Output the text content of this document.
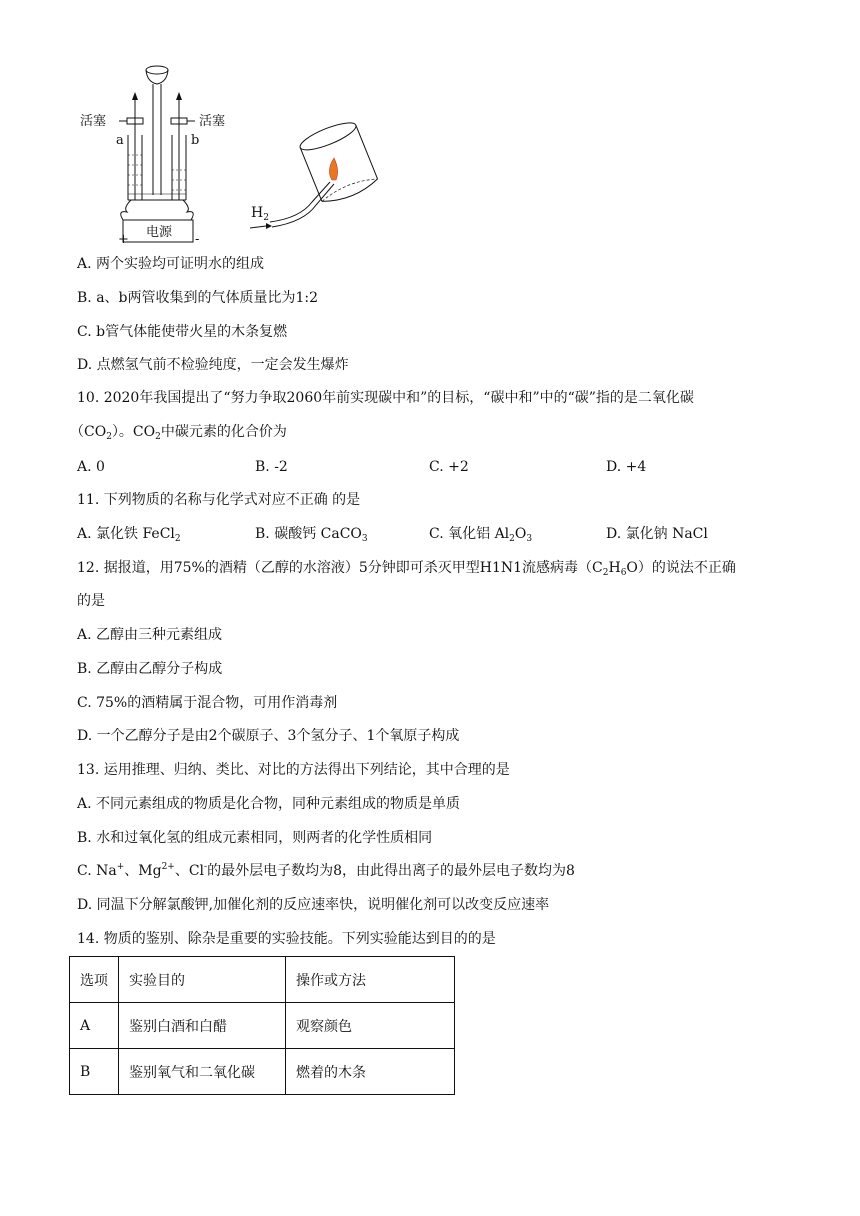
活塞	活塞
a	b
电源
+	-
$H_2$
A. 两个实验均可证明水的组成
B. a、b两管收集到的气体质量比为1:2
C. b管气体能使带火星的木条复燃
D. 点燃氢气前不检验纯度，一定会发生爆炸
10. 2020年我国提出了“努力争取2060年前实现碳中和”的目标，“碳中和”中的“碳”指的是二氧化碳
$(CO_2)$。$CO_2$中碳元素的化合价为
A. 0	B. -2	C. +2	D. +4
11. 下列物质的名称与化学式对应不正确 的是
A. 氯化铁 FeCl$_2$	B. 碳酸钙 CaCO$_3$	C. 氧化铝 $Al_2O_3$	D. 氯化钠 NaCl
12. 据报道，用75%的酒精（乙醇的水溶液）5分钟即可杀灭甲型H1N1流感病毒$(C_2H_6O)$的说法不正确
的是
A. 乙醇由三种元素组成
B. 乙醇由乙醇分子构成
C. 75%的酒精属于混合物，可用作消毒剂
D. 一个乙醇分子是由2个碳原子、3个氢分子、1个氧原子构成
13. 运用推理、归纳、类比、对比的方法得出下列结论，其中合理的是
A. 不同元素组成的物质是化合物，同种元素组成的物质是单质
B. 水和过氧化氢的组成元素相同，则两者的化学性质相同
C. Na+、$Mg^{2+}$、Cl-的最外层电子数均为8，由此得出离子的最外层电子数均为8
D. 同温下分解氯酸钾,加催化剂的反应速率快，说明催化剂可以改变反应速率
14. 物质的鉴别、除杂是重要的实验技能。下列实验能达到目的的是
选项	实验目的	操作或方法
A	鉴别白酒和白醋	观察颜色
B	鉴别氧气和二氧化碳	燃着的木条
